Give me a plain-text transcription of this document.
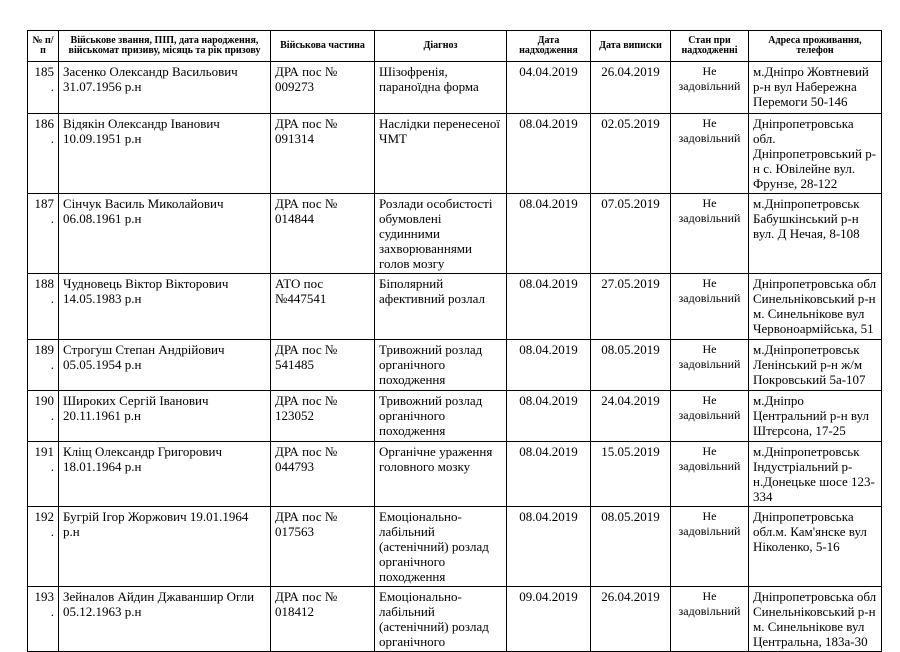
№ п/п	Військове звання, ПІП, дата народження, військомат призиву, місяць та рік призову	Військова частина	Діагноз	Дата надходження	Дата виписки	Стан при надходженні	Адреса проживання, телефон
185.	Засенко Олександр Васильович 31.07.1956 р.н	ДРА пос № 009273	Шізофренія, параноїдна форма	04.04.2019	26.04.2019	Не задовільний	м.Дніпро Жовтневий р-н вул Набережна Перемоги 50-146
186.	Відякін Олександр Іванович 10.09.1951 р.н	ДРА пос № 091314	Наслідки перенесеної ЧМТ	08.04.2019	02.05.2019	Не задовільний	Дніпропетровська обл. Дніпропетровський р-н с. Ювілейне вул. Фрунзе, 28-122
187.	Сінчук Василь Миколайович 06.08.1961 р.н	ДРА пос № 014844	Розлади особистості обумовлені судинними захворюваннями голов мозгу	08.04.2019	07.05.2019	Не задовільний	м.Дніпропетровськ Бабушкінський р-н вул. Д Нечая, 8-108
188.	Чудновець Віктор Вікторович 14.05.1983 р.н	АТО пос №447541	Біполярний афективний розлал	08.04.2019	27.05.2019	Не задовільний	Дніпропетровська обл Синельніковський р-н м. Синельнікове вул Червоноармійська, 51
189.	Строгуш Степан Андрійович 05.05.1954 р.н	ДРА пос № 541485	Тривожний розлад органічного походження	08.04.2019	08.05.2019	Не задовільний	м.Дніпропетровськ Ленінський р-н ж/м Покровський 5а-107
190.	Широких Сергій Іванович 20.11.1961 р.н	ДРА пос № 123052	Тривожний розлад органічного походження	08.04.2019	24.04.2019	Не задовільний	м.Дніпро Центральний р-н вул Штєрсона, 17-25
191.	Кліщ Олександр Григорович 18.01.1964 р.н	ДРА пос № 044793	Органічне ураження головного мозку	08.04.2019	15.05.2019	Не задовільний	м.Дніпропетровськ Індустріальний р-н.Донецьке шосе 123-334
192.	Бугрій Ігор Жоржович 19.01.1964 р.н	ДРА пос № 017563	Емоціонально-лабільний (астенічний) розлад органічного походження	08.04.2019	08.05.2019	Не задовільний	Дніпропетровська обл.м. Кам'янске вул Ніколенко, 5-16
193.	Зейналов Айдин Джаваншир Огли 05.12.1963 р.н	ДРА пос № 018412	Емоціонально-лабільний (астенічний) розлад органічного	09.04.2019	26.04.2019	Не задовільний	Дніпропетровська обл Синельніковський р-н м. Синельнікове вул Центральна, 183а-30
